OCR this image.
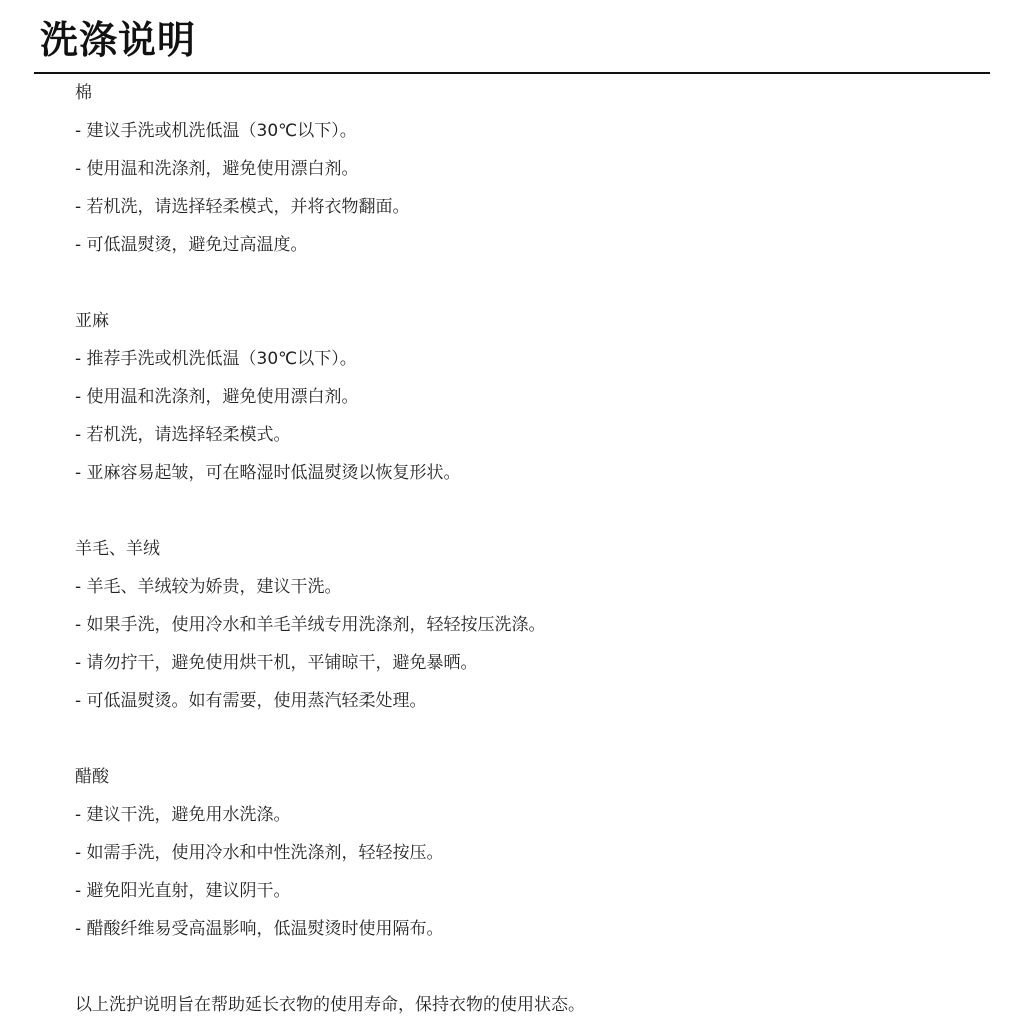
洗涤说明
棉
- 建议手洗或机洗低温（30℃以下）。
- 使用温和洗涤剂，避免使用漂白剂。
- 若机洗，请选择轻柔模式，并将衣物翻面。
- 可低温熨烫，避免过高温度。
亚麻
- 推荐手洗或机洗低温（30℃以下）。
- 使用温和洗涤剂，避免使用漂白剂。
- 若机洗，请选择轻柔模式。
- 亚麻容易起皱，可在略湿时低温熨烫以恢复形状。
羊毛、羊绒
- 羊毛、羊绒较为娇贵，建议干洗。
- 如果手洗，使用冷水和羊毛羊绒专用洗涤剂，轻轻按压洗涤。
- 请勿拧干，避免使用烘干机，平铺晾干，避免暴晒。
- 可低温熨烫。如有需要，使用蒸汽轻柔处理。
醋酸
- 建议干洗，避免用水洗涤。
- 如需手洗，使用冷水和中性洗涤剂，轻轻按压。
- 避免阳光直射，建议阴干。
- 醋酸纤维易受高温影响，低温熨烫时使用隔布。
以上洗护说明旨在帮助延长衣物的使用寿命，保持衣物的使用状态。
